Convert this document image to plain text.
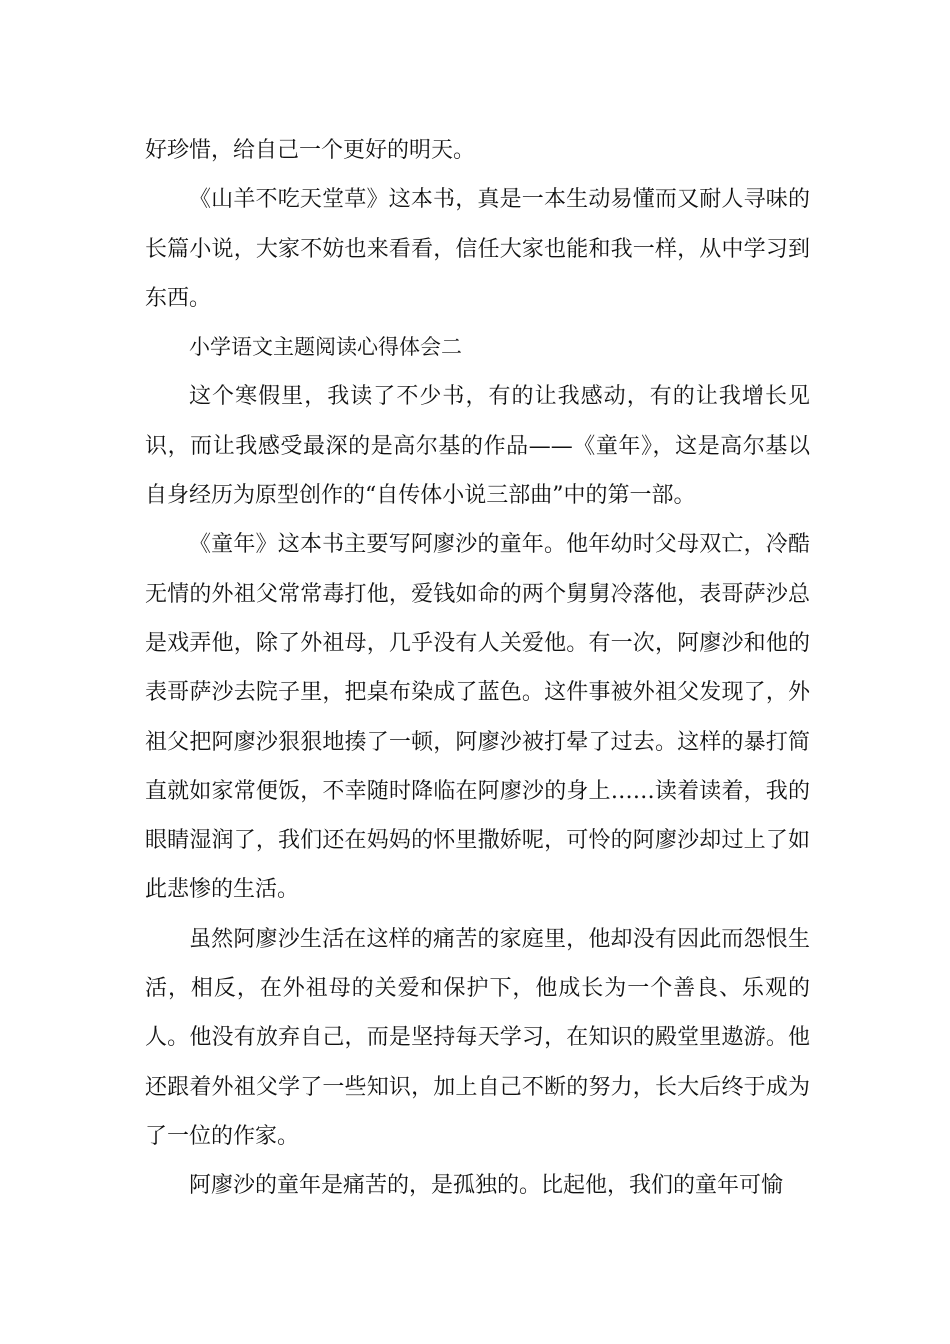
好珍惜，给自己一个更好的明天。

《山羊不吃天堂草》这本书，真是一本生动易懂而又耐人寻味的长篇小说，大家不妨也来看看，信任大家也能和我一样，从中学习到东西。

小学语文主题阅读心得体会二

这个寒假里，我读了不少书，有的让我感动，有的让我增长见识，而让我感受最深的是高尔基的作品——《童年》，这是高尔基以自身经历为原型创作的“自传体小说三部曲”中的第一部。

《童年》这本书主要写阿廖沙的童年。他年幼时父母双亡，冷酷无情的外祖父常常毒打他，爱钱如命的两个舅舅冷落他，表哥萨沙总是戏弄他，除了外祖母，几乎没有人关爱他。有一次，阿廖沙和他的表哥萨沙去院子里，把桌布染成了蓝色。这件事被外祖父发现了，外祖父把阿廖沙狠狠地揍了一顿，阿廖沙被打晕了过去。这样的暴打简直就如家常便饭，不幸随时降临在阿廖沙的身上……读着读着，我的眼睛湿润了，我们还在妈妈的怀里撒娇呢，可怜的阿廖沙却过上了如此悲惨的生活。

虽然阿廖沙生活在这样的痛苦的家庭里，他却没有因此而怨恨生活，相反，在外祖母的关爱和保护下，他成长为一个善良、乐观的人。他没有放弃自己，而是坚持每天学习，在知识的殿堂里遨游。他还跟着外祖父学了一些知识，加上自己不断的努力，长大后终于成为了一位的作家。

阿廖沙的童年是痛苦的，是孤独的。比起他，我们的童年可愉
